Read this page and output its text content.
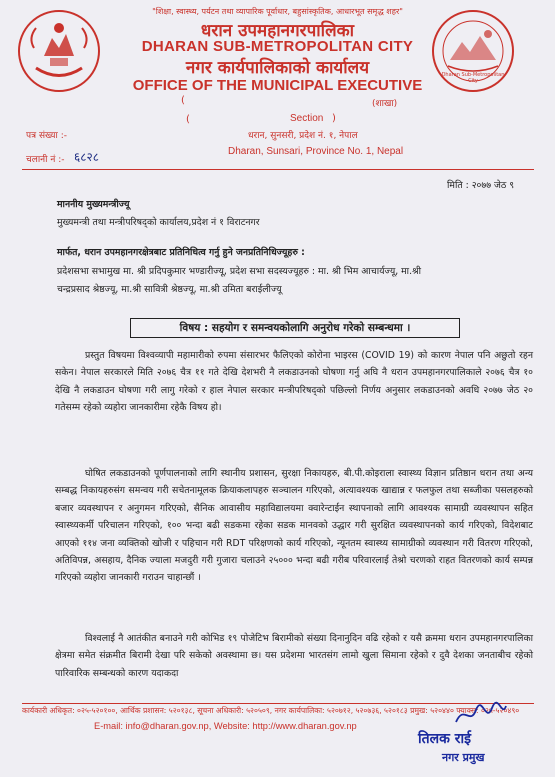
Dharan Sub-Metropolitan City
"शिक्षा, स्वास्थ्य, पर्यटन तथा व्यापारिक पूर्वाधार, बहुसांस्कृतिक, आधारभूत समृद्ध शहर"
धरान उपमहानगरपालिका
DHARAN SUB-METROPOLITAN CITY
नगर कार्यपालिकाको कार्यालय
OFFICE OF THE MUNICIPAL EXECUTIVE
(	(शाखा)
(	Section )
पत्र संख्या :-
चलानी नं :- ६८२८
धरान, सुनसरी, प्रदेश नं. १, नेपाल
Dharan, Sunsari, Province No. 1, Nepal
मिति : २०७७ जेठ ९
माननीय मुख्यमन्त्रीज्यू
मुख्यमन्त्री तथा मन्त्रीपरिषद्को कार्यालय,प्रदेश नं १ विराटनगर
मार्फत, धरान उपमहानगरक्षेत्रबाट प्रतिनिधित्व गर्नु हुने जनप्रतिनिधिज्यूहरु :
प्रदेशसभा सभामुख मा. श्री प्रदिपकुमार भण्डारीज्यू, प्रदेश सभा सदस्यज्यूहरु : मा. श्री भिम आचार्यज्यू, मा.श्री
चन्द्रप्रसाद श्रेष्ठज्यू, मा.श्री सावित्री श्रेष्ठज्यू, मा.श्री उमिता बराईलीज्यू
विषय : सहयोग र समन्वयकोलागि अनुरोध गरेको सम्बन्धमा ।
प्रस्तुत विषयमा विश्वव्यापी महामारीको रुपमा संसारभर फैलिएको कोरोना भाइरस (COVID 19) को कारण नेपाल पनि अछुतो रहन सकेन। नेपाल सरकारले मिति २०७६ चैत्र ११ गते देखि देशभरी नै लकडाउनको घोषणा गर्नु अघि नै धरान उपमहानगरपालिकाले २०७६ चैत्र १० देखि नै लकडाउन घोषणा गरी लागु गरेको र हाल नेपाल सरकार मन्त्रीपरिषद्को पछिल्लो निर्णय अनुसार लकडाउनको अवधि २०७७ जेठ २० गतेसम्म रहेको व्यहोरा जानकारीमा रहेकै विषय हो।
घोषित लकडाउनको पूर्णपालनाको लागि स्थानीय प्रशासन, सुरक्षा निकायहरु, बी.पी.कोइराला स्वास्थ्य विज्ञान प्रतिष्ठान धरान तथा अन्य सम्बद्ध निकायहरुसंग समन्वय गरी सचेतनामूलक क्रियाकलापहरु सञ्चालन गरिएको, अत्यावश्यक खाद्यान्न र फलफुल तथा सब्जीका पसलहरुको बजार व्यवस्थापन र अनुगमन गरिएको, सैनिक आवासीय महाविद्यालयमा क्वारेन्टाईन स्थापनाको लागि आवश्यक सामाग्री व्यवस्थापन सहित स्वास्थ्यकर्मी परिचालन गरिएको, १०० भन्दा बढी सडकमा रहेका सडक मानवको उद्धार गरी सुरक्षित व्यवस्थापनको कार्य गरिएको, विदेशबाट आएको ११४ जना व्यक्तिको खोजी र पहिचान गरी RDT परिक्षणको कार्य गरिएको, न्यूनतम स्वास्थ्य सामाग्रीको व्यवस्थान गरी वितरण गरिएको, अतिविपन्न, असहाय, दैनिक ज्याला मजदुरी गरी गुजारा चलाउने २५००० भन्दा बढी गरीब परिवारलाई तेश्रो चरणको राहत वितरणको कार्य सम्पन्न गरिएको व्यहोरा जानकारी गराउन चाहान्छौं ।
विश्वलाई नै आतंकीत बनाउने गरी कोभिड १९ पोजेटिभ बिरामीको संख्या दिनानुदिन वढि रहेको र यसै क्रममा धरान उपमहानगरपालिका क्षेत्रमा समेत संक्रमीत बिरामी देखा परि सकेको अवस्थामा छ। यस प्रदेशमा भारतसंग लामो खुला सिमाना रहेको र दुवै देशका जनताबीच रहेको पारिवारिक सम्बन्धको कारण यदाकदा
कार्यकारी अधिकृत: ०२५-५२०१००, आर्थिक प्रशासन: ५२०१३८, सूचना अधिकारी: ५२०५०९, नगर कार्यपालिका: ५२०७१२, ५२०७३६, ५२०१८३ प्रमुख: ५२०४४० फ्याक्स: ०२५-५२०४९०
E-mail: info@dharan.gov.np, Website: http://www.dharan.gov.np
तिलक राई
नगर प्रमुख
